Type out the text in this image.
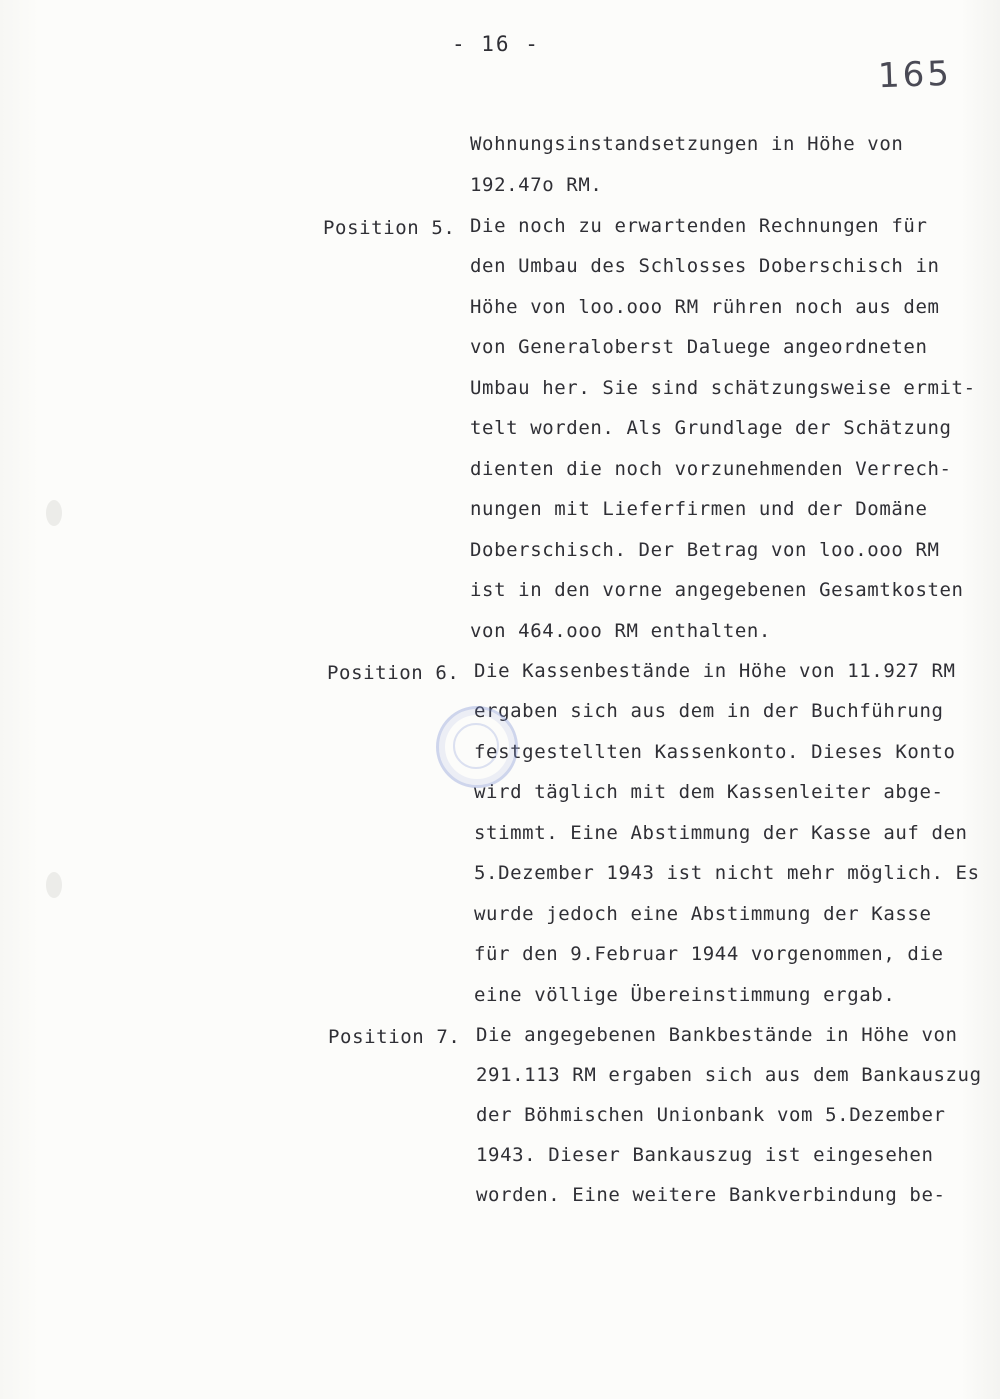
- 16 -
165
Wohnungsinstandsetzungen in Höhe von
192.47o RM.
Position 5. Die noch zu erwartenden Rechnungen für
den Umbau des Schlosses Doberschisch in
Höhe von loo.ooo RM rühren noch aus dem
von Generaloberst Daluege angeordneten
Umbau her. Sie sind schätzungsweise ermit-
telt worden. Als Grundlage der Schätzung
dienten die noch vorzunehmenden Verrech-
nungen mit Lieferfirmen und der Domäne
Doberschisch. Der Betrag von loo.ooo RM
ist in den vorne angegebenen Gesamtkosten
von 464.ooo RM enthalten.
Position 6. Die Kassenbestände in Höhe von 11.927 RM
ergaben sich aus dem in der Buchführung
festgestellten Kassenkonto. Dieses Konto
wird täglich mit dem Kassenleiter abge-
stimmt. Eine Abstimmung der Kasse auf den
5.Dezember 1943 ist nicht mehr möglich. Es
wurde jedoch eine Abstimmung der Kasse
für den 9.Februar 1944 vorgenommen, die
eine völlige Übereinstimmung ergab.
Position 7. Die angegebenen Bankbestände in Höhe von
291.113 RM ergaben sich aus dem Bankauszug
der Böhmischen Unionbank vom 5.Dezember
1943. Dieser Bankauszug ist eingesehen
worden. Eine weitere Bankverbindung be-
